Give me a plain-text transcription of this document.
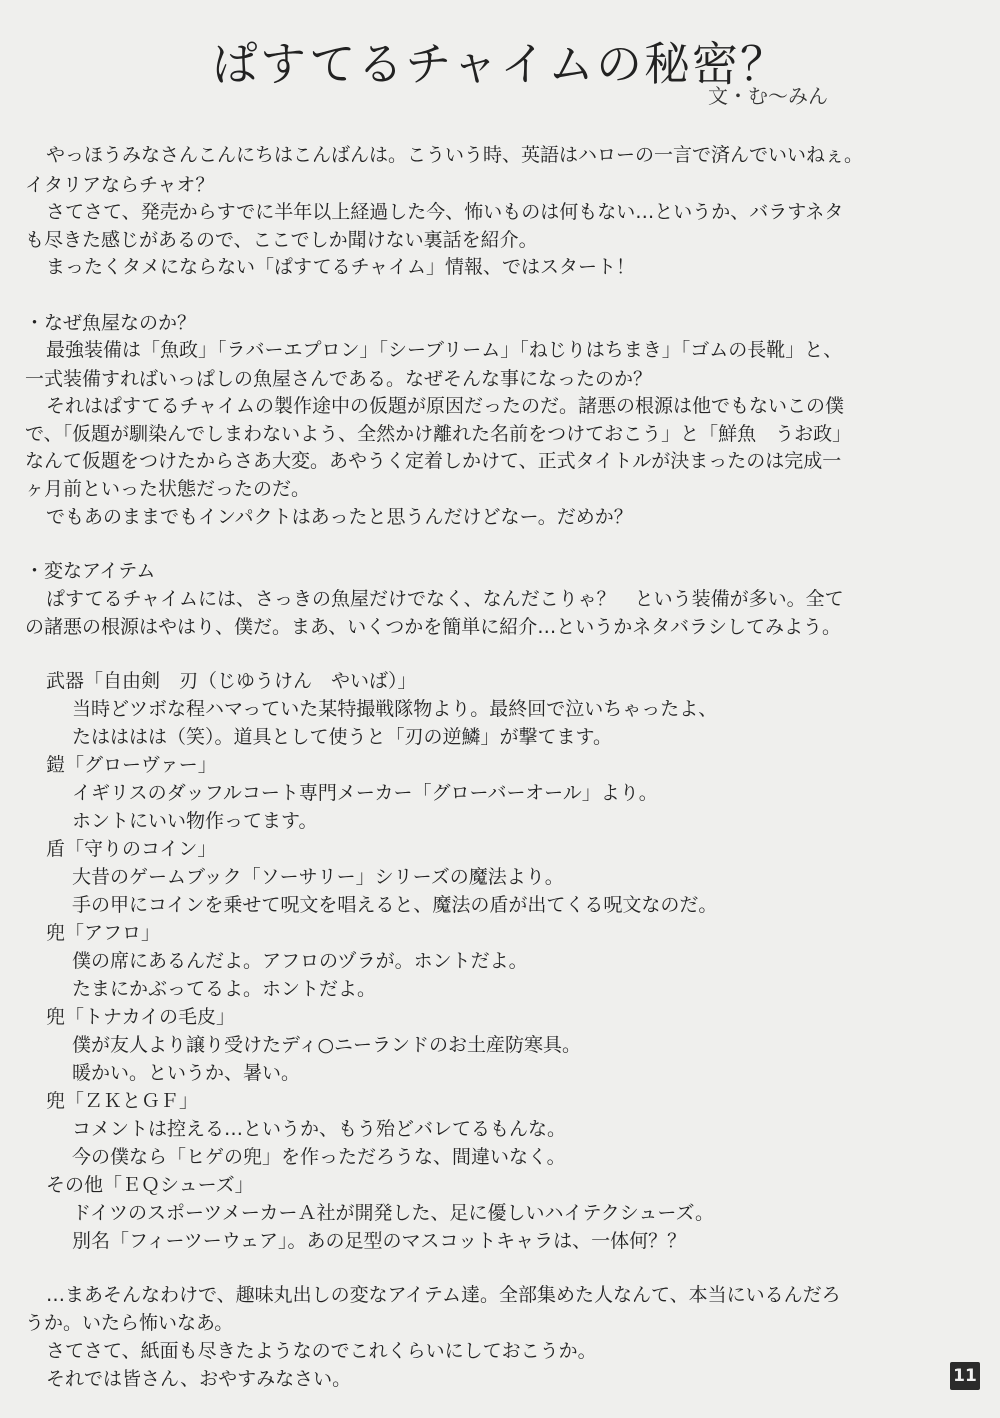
ぱすてるチャイムの秘密？
文・む〜みん
やっほうみなさんこんにちはこんばんは。こういう時、英語はハローの一言で済んでいいねぇ。
イタリアならチャオ？
さてさて、発売からすでに半年以上経過した今、怖いものは何もない…というか、バラすネタ
も尽きた感じがあるので、ここでしか聞けない裏話を紹介。
まったくタメにならない「ぱすてるチャイム」情報、ではスタート！
・なぜ魚屋なのか？
最強装備は「魚政」「ラバーエプロン」「シーブリーム」「ねじりはちまき」「ゴムの長靴」と、
一式装備すればいっぱしの魚屋さんである。なぜそんな事になったのか？
それはぱすてるチャイムの製作途中の仮題が原因だったのだ。諸悪の根源は他でもないこの僕
で、「仮題が馴染んでしまわないよう、全然かけ離れた名前をつけておこう」と「鮮魚　うお政」
なんて仮題をつけたからさあ大変。あやうく定着しかけて、正式タイトルが決まったのは完成一
ヶ月前といった状態だったのだ。
でもあのままでもインパクトはあったと思うんだけどなー。だめか？
・変なアイテム
ぱすてるチャイムには、さっきの魚屋だけでなく、なんだこりゃ？　という装備が多い。全て
の諸悪の根源はやはり、僕だ。まあ、いくつかを簡単に紹介…というかネタバラシしてみよう。
武器「自由剣　刃（じゆうけん　やいば）」
当時どツボな程ハマっていた某特撮戦隊物より。最終回で泣いちゃったよ、
たはははは（笑）。道具として使うと「刃の逆鱗」が撃てます。
鎧「グローヴァー」
イギリスのダッフルコート専門メーカー「グローバーオール」より。
ホントにいい物作ってます。
盾「守りのコイン」
大昔のゲームブック「ソーサリー」シリーズの魔法より。
手の甲にコインを乗せて呪文を唱えると、魔法の盾が出てくる呪文なのだ。
兜「アフロ」
僕の席にあるんだよ。アフロのヅラが。ホントだよ。
たまにかぶってるよ。ホントだよ。
兜「トナカイの毛皮」
僕が友人より譲り受けたディ○ニーランドのお土産防寒具。
暖かい。というか、暑い。
兜「ＺＫとＧＦ」
コメントは控える…というか、もう殆どバレてるもんな。
今の僕なら「ヒゲの兜」を作っただろうな、間違いなく。
その他「ＥＱシューズ」
ドイツのスポーツメーカーＡ社が開発した、足に優しいハイテクシューズ。
別名「フィーツーウェア」。あの足型のマスコットキャラは、一体何？？
…まあそんなわけで、趣味丸出しの変なアイテム達。全部集めた人なんて、本当にいるんだろ
うか。いたら怖いなあ。
さてさて、紙面も尽きたようなのでこれくらいにしておこうか。
それでは皆さん、おやすみなさい。	11
